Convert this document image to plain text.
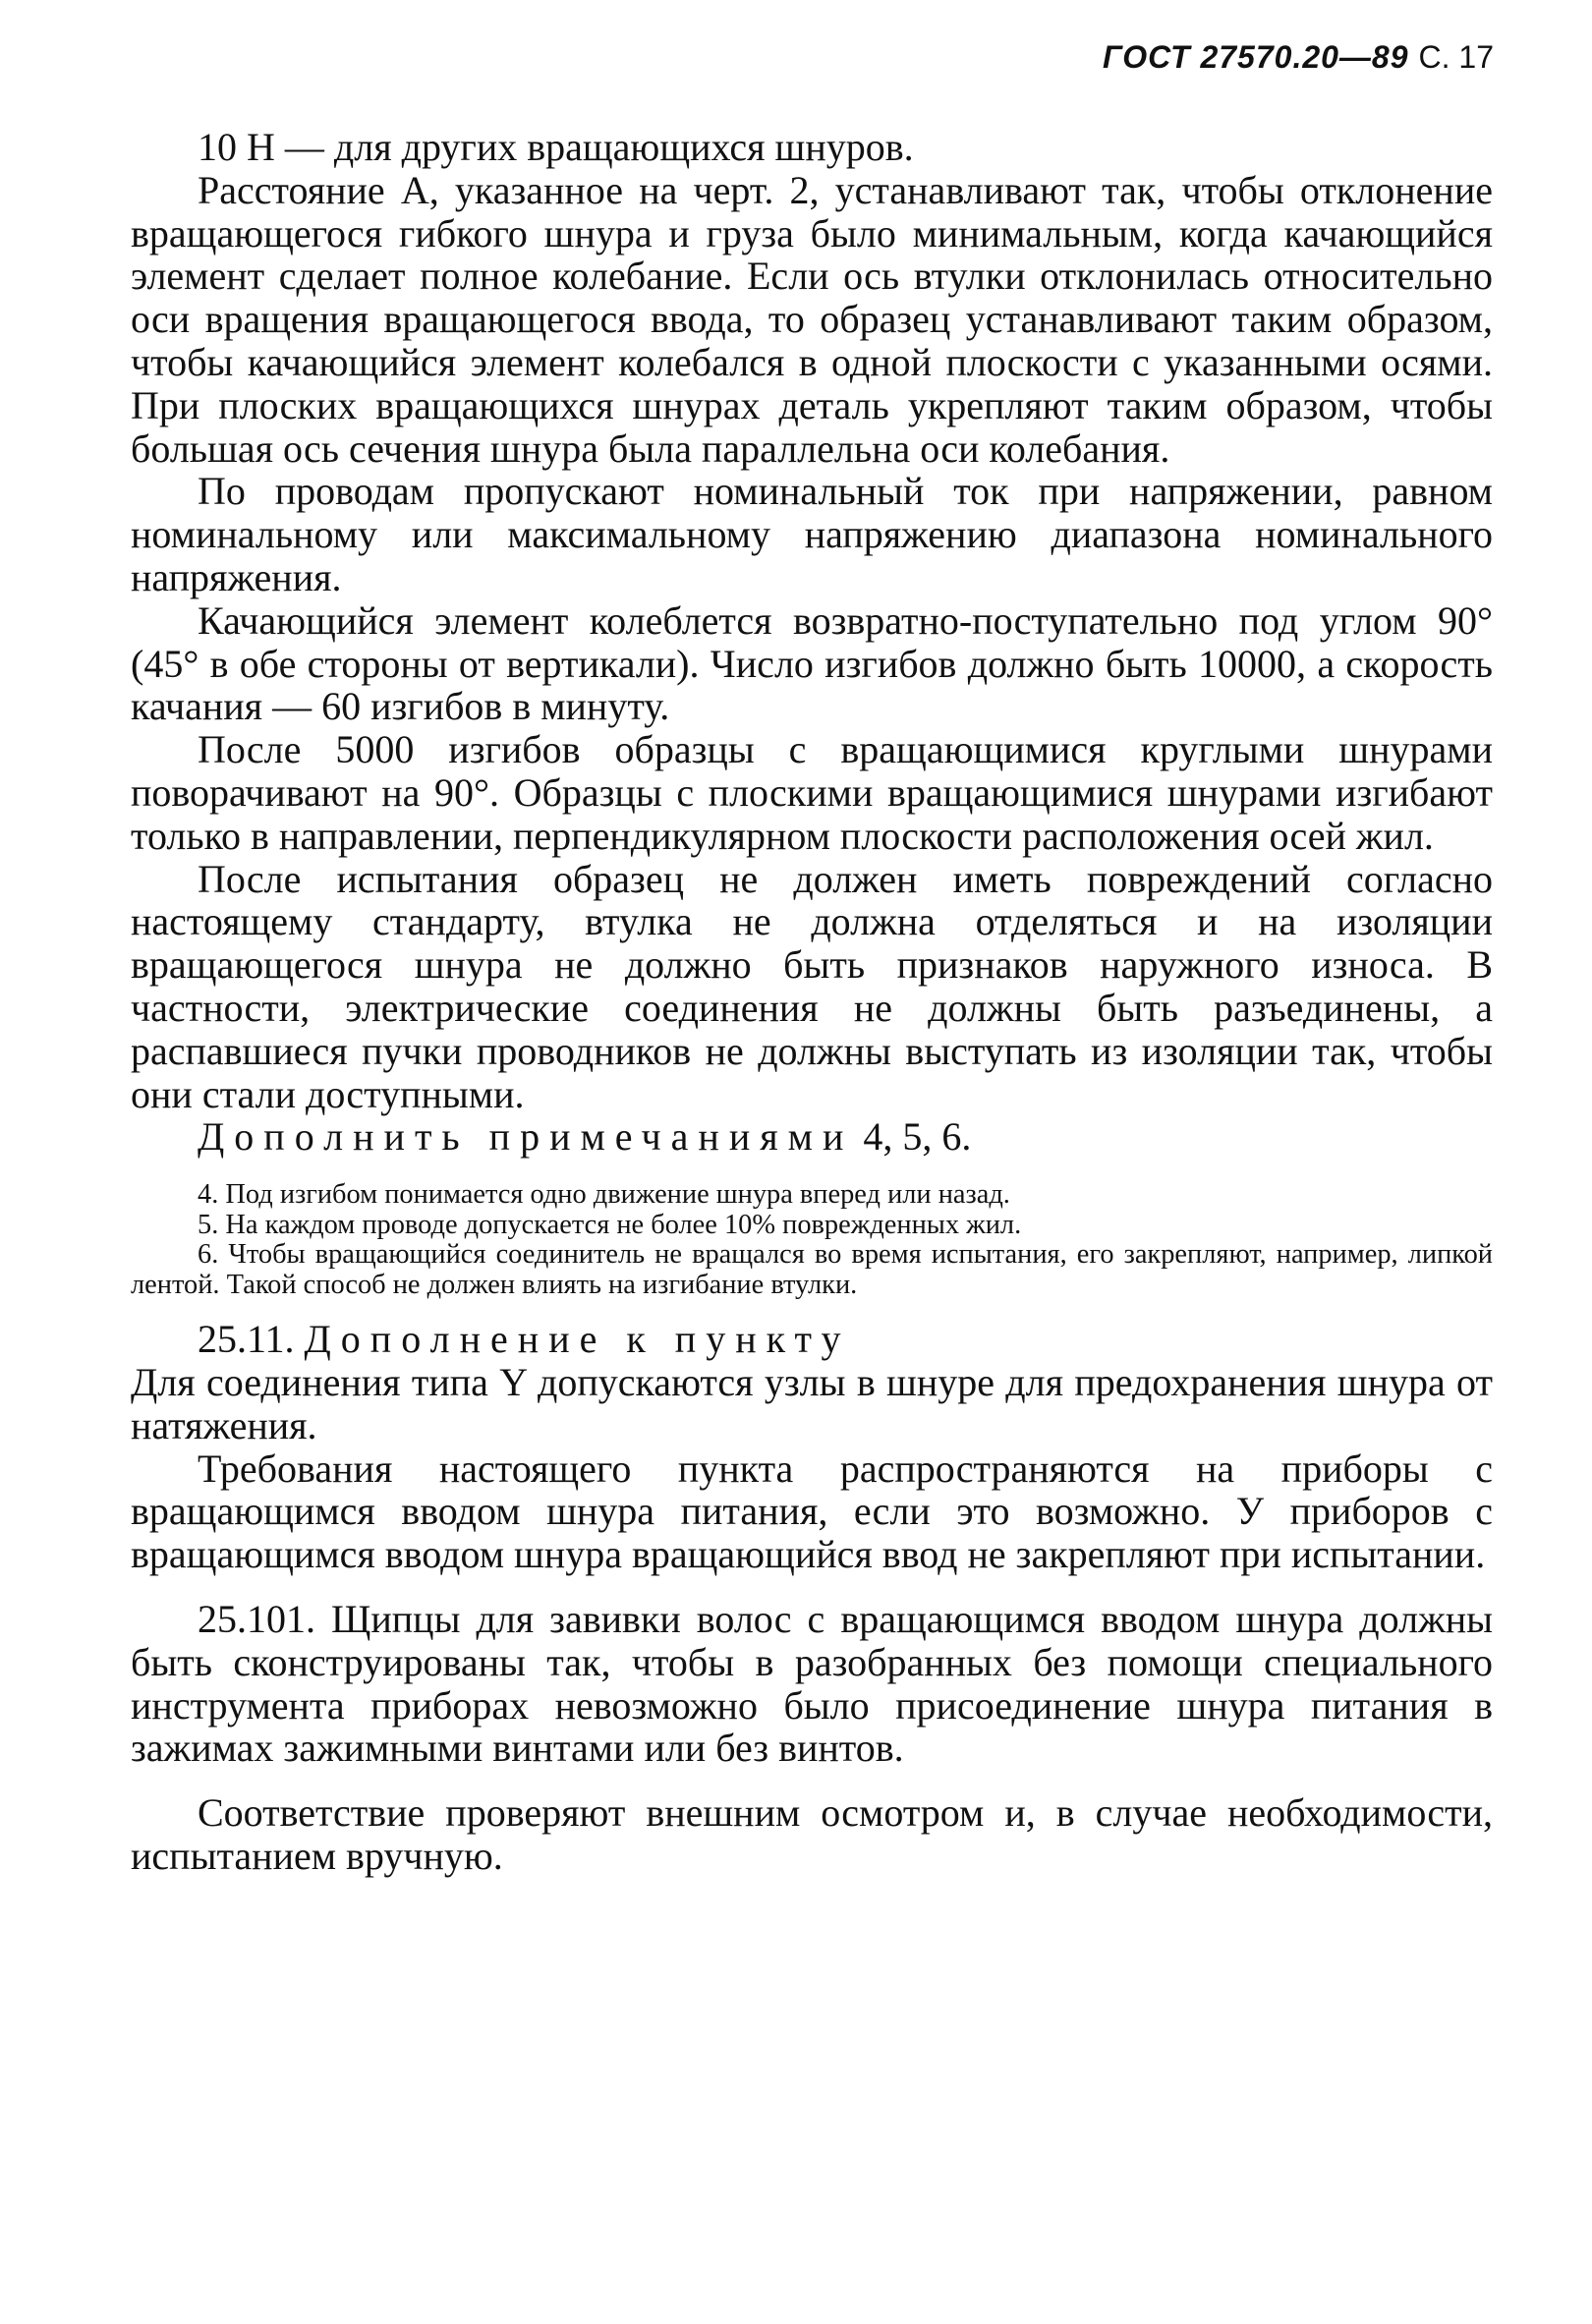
ГОСТ 27570.20—89 С. 17

10 Н — для других вращающихся шнуров.

Расстояние А, указанное на черт. 2, устанавливают так, чтобы отклонение вращающегося гибкого шнура и груза было минимальным, когда качающийся элемент сделает полное колебание. Если ось втулки отклонилась относительно оси вращения вращающегося ввода, то образец устанавливают таким образом, чтобы качающийся элемент колебался в одной плоскости с указанными осями. При плоских вращающихся шнурах деталь укрепляют таким образом, чтобы большая ось сечения шнура была параллельна оси колебания.

По проводам пропускают номинальный ток при напряжении, равном номинальному или максимальному напряжению диапазона номинального напряжения.

Качающийся элемент колеблется возвратно-поступательно под углом 90° (45° в обе стороны от вертикали). Число изгибов должно быть 10000, а скорость качания — 60 изгибов в минуту.

После 5000 изгибов образцы с вращающимися круглыми шнурами поворачивают на 90°. Образцы с плоскими вращающимися шнурами изгибают только в направлении, перпендикулярном плоскости расположения осей жил.

После испытания образец не должен иметь повреждений согласно настоящему стандарту, втулка не должна отделяться и на изоляции вращающегося шнура не должно быть признаков наружного износа. В частности, электрические соединения не должны быть разъединены, а распавшиеся пучки проводников не должны выступать из изоляции так, чтобы они стали доступными.

Дополнить примечаниями 4, 5, 6.

4. Под изгибом понимается одно движение шнура вперед или назад.

5. На каждом проводе допускается не более 10% поврежденных жил.

6. Чтобы вращающийся соединитель не вращался во время испытания, его закрепляют, например, липкой лентой. Такой способ не должен влиять на изгибание втулки.

25.11. Дополнение к пункту

Для соединения типа Y допускаются узлы в шнуре для предохранения шнура от натяжения.

Требования настоящего пункта распространяются на приборы с вращающимся вводом шнура питания, если это возможно. У приборов с вращающимся вводом шнура вращающийся ввод не закрепляют при испытании.

25.101. Щипцы для завивки волос с вращающимся вводом шнура должны быть сконструированы так, чтобы в разобранных без помощи специального инструмента приборах невозможно было присоединение шнура питания в зажимах зажимными винтами или без винтов.

Соответствие проверяют внешним осмотром и, в случае необходимости, испытанием вручную.
